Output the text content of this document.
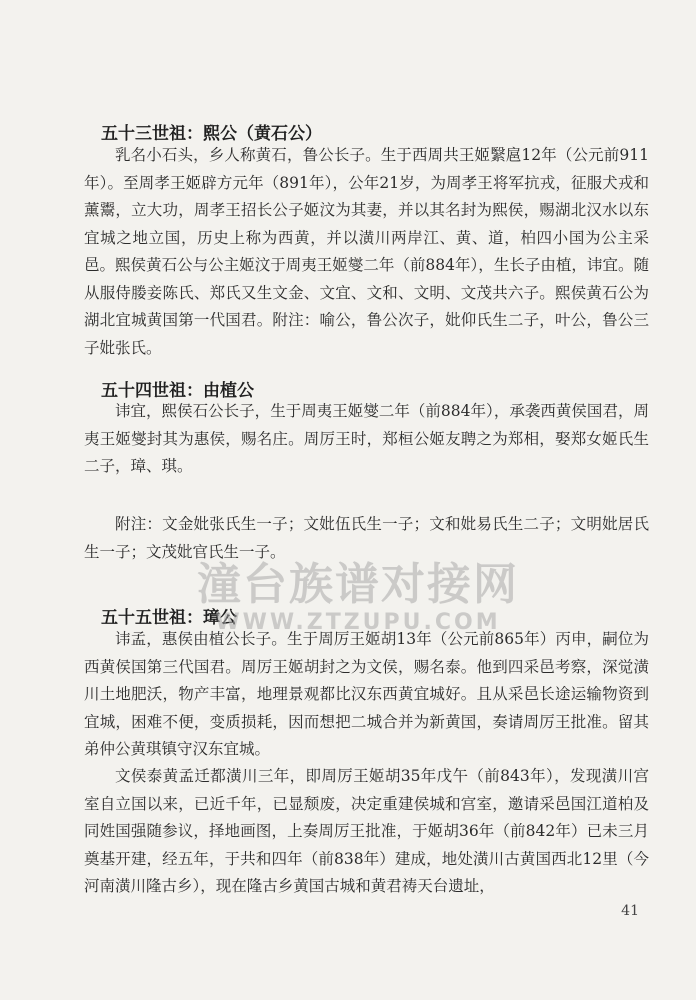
五十三世祖：熙公（黄石公）

乳名小石头，乡人称黄石，鲁公长子。生于西周共王姬繄扈12年（公元前911年）。至周孝王姬辟方元年（891年），公年21岁，为周孝王将军抗戎，征服犬戎和薰鬻，立大功，周孝王招长公子姬汶为其妻，并以其名封为熙侯，赐湖北汉水以东宜城之地立国，历史上称为西黄，并以潢川两岸江、黄、道，柏四小国为公主采邑。熙侯黄石公与公主姬汶于周夷王姬燮二年（前884年），生长子由植，讳宜。随从服侍媵妾陈氏、郑氏又生文金、文宜、文和、文明、文茂共六子。熙侯黄石公为湖北宜城黄国第一代国君。附注：喻公，鲁公次子，妣仰氏生二子，叶公，鲁公三子妣张氏。

五十四世祖：由植公

讳宜，熙侯石公长子，生于周夷王姬燮二年（前884年），承袭西黄侯国君，周夷王姬燮封其为惠侯，赐名庄。周厉王时，郑桓公姬友聘之为郑相，娶郑女姬氏生二子，璋、琪。

附注：文金妣张氏生一子；文妣伍氏生一子；文和妣易氏生二子；文明妣居氏生一子；文茂妣官氏生一子。

五十五世祖：璋公

讳孟，惠侯由植公长子。生于周厉王姬胡13年（公元前865年）丙申，嗣位为西黄侯国第三代国君。周厉王姬胡封之为文侯，赐名泰。他到四采邑考察，深觉潢川土地肥沃，物产丰富，地理景观都比汉东西黄宜城好。且从采邑长途运输物资到宜城，困难不便，变质损耗，因而想把二城合并为新黄国，奏请周厉王批准。留其弟仲公黄琪镇守汉东宜城。

文侯泰黄孟迁都潢川三年，即周厉王姬胡35年戊午（前843年），发现潢川宫室自立国以来，已近千年，已显颓废，决定重建侯城和宫室，邀请采邑国江道柏及同姓国强随参议，择地画图，上奏周厉王批准，于姬胡36年（前842年）已未三月奠基开建，经五年，于共和四年（前838年）建成，地处潢川古黄国西北12里（今河南潢川隆古乡），现在隆古乡黄国古城和黄君祷天台遗址，

41
潼台族谱对接网
WWW.ZTZUPU.COM
